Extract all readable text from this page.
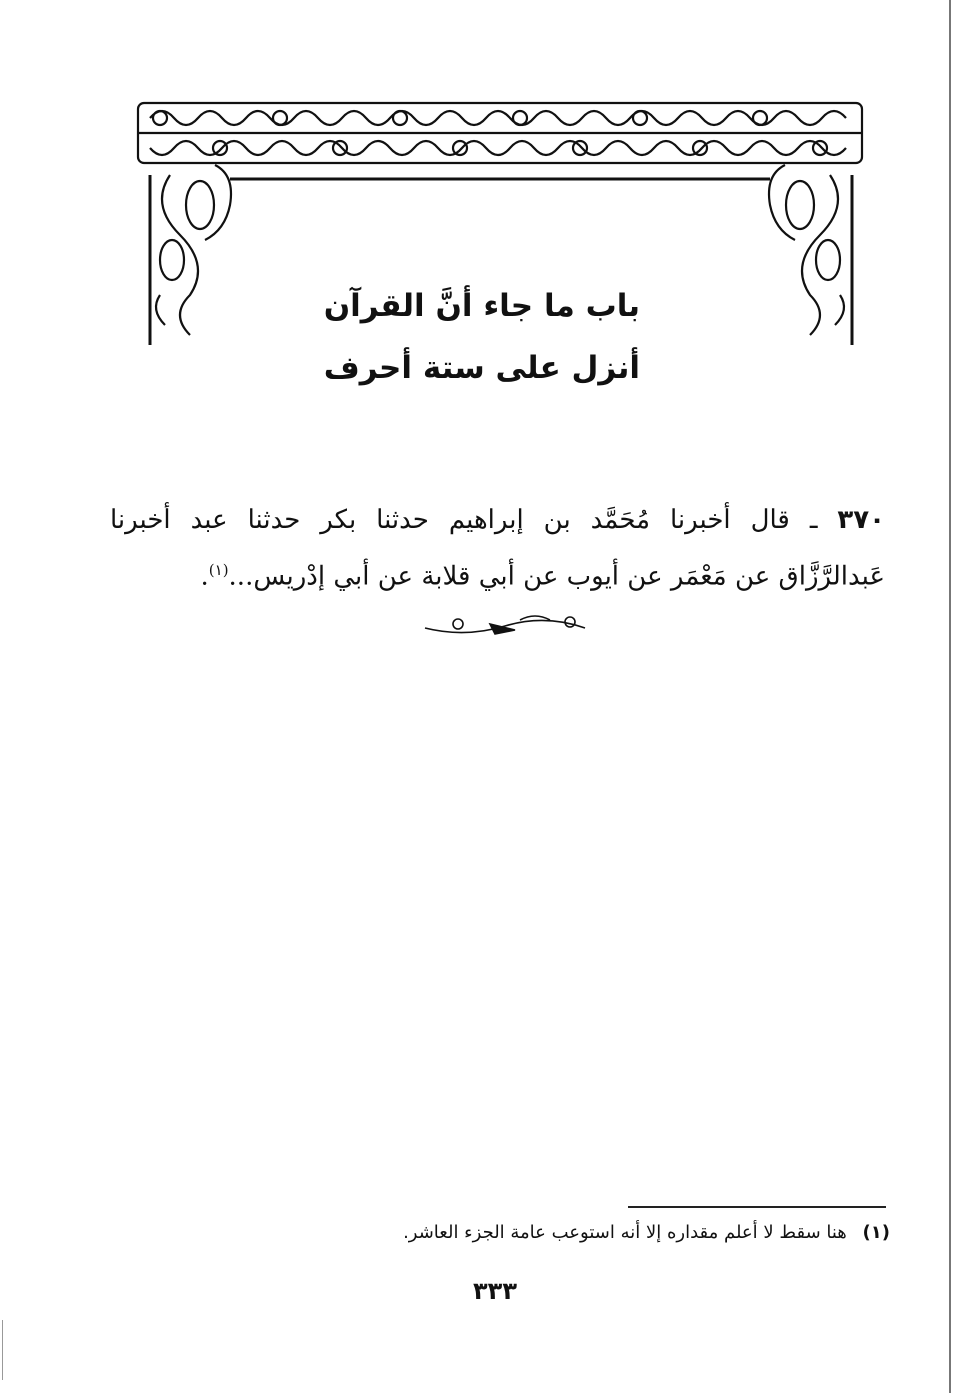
باب ما جاء أنَّ القرآن
أنزل على ستة أحرف
٣٧٠ ـ قال أخبرنا مُحَمَّد بن إبراهيم حدثنا بكر حدثنا عبد أخبرنا
عَبدالرَّزَّاق عن مَعْمَر عن أيوب عن أبي قلابة عن أبي إدْريس...$^{(١)}$.
(١) هنا سقط لا أعلم مقداره إلا أنه استوعب عامة الجزء العاشر.
٣٣٣
